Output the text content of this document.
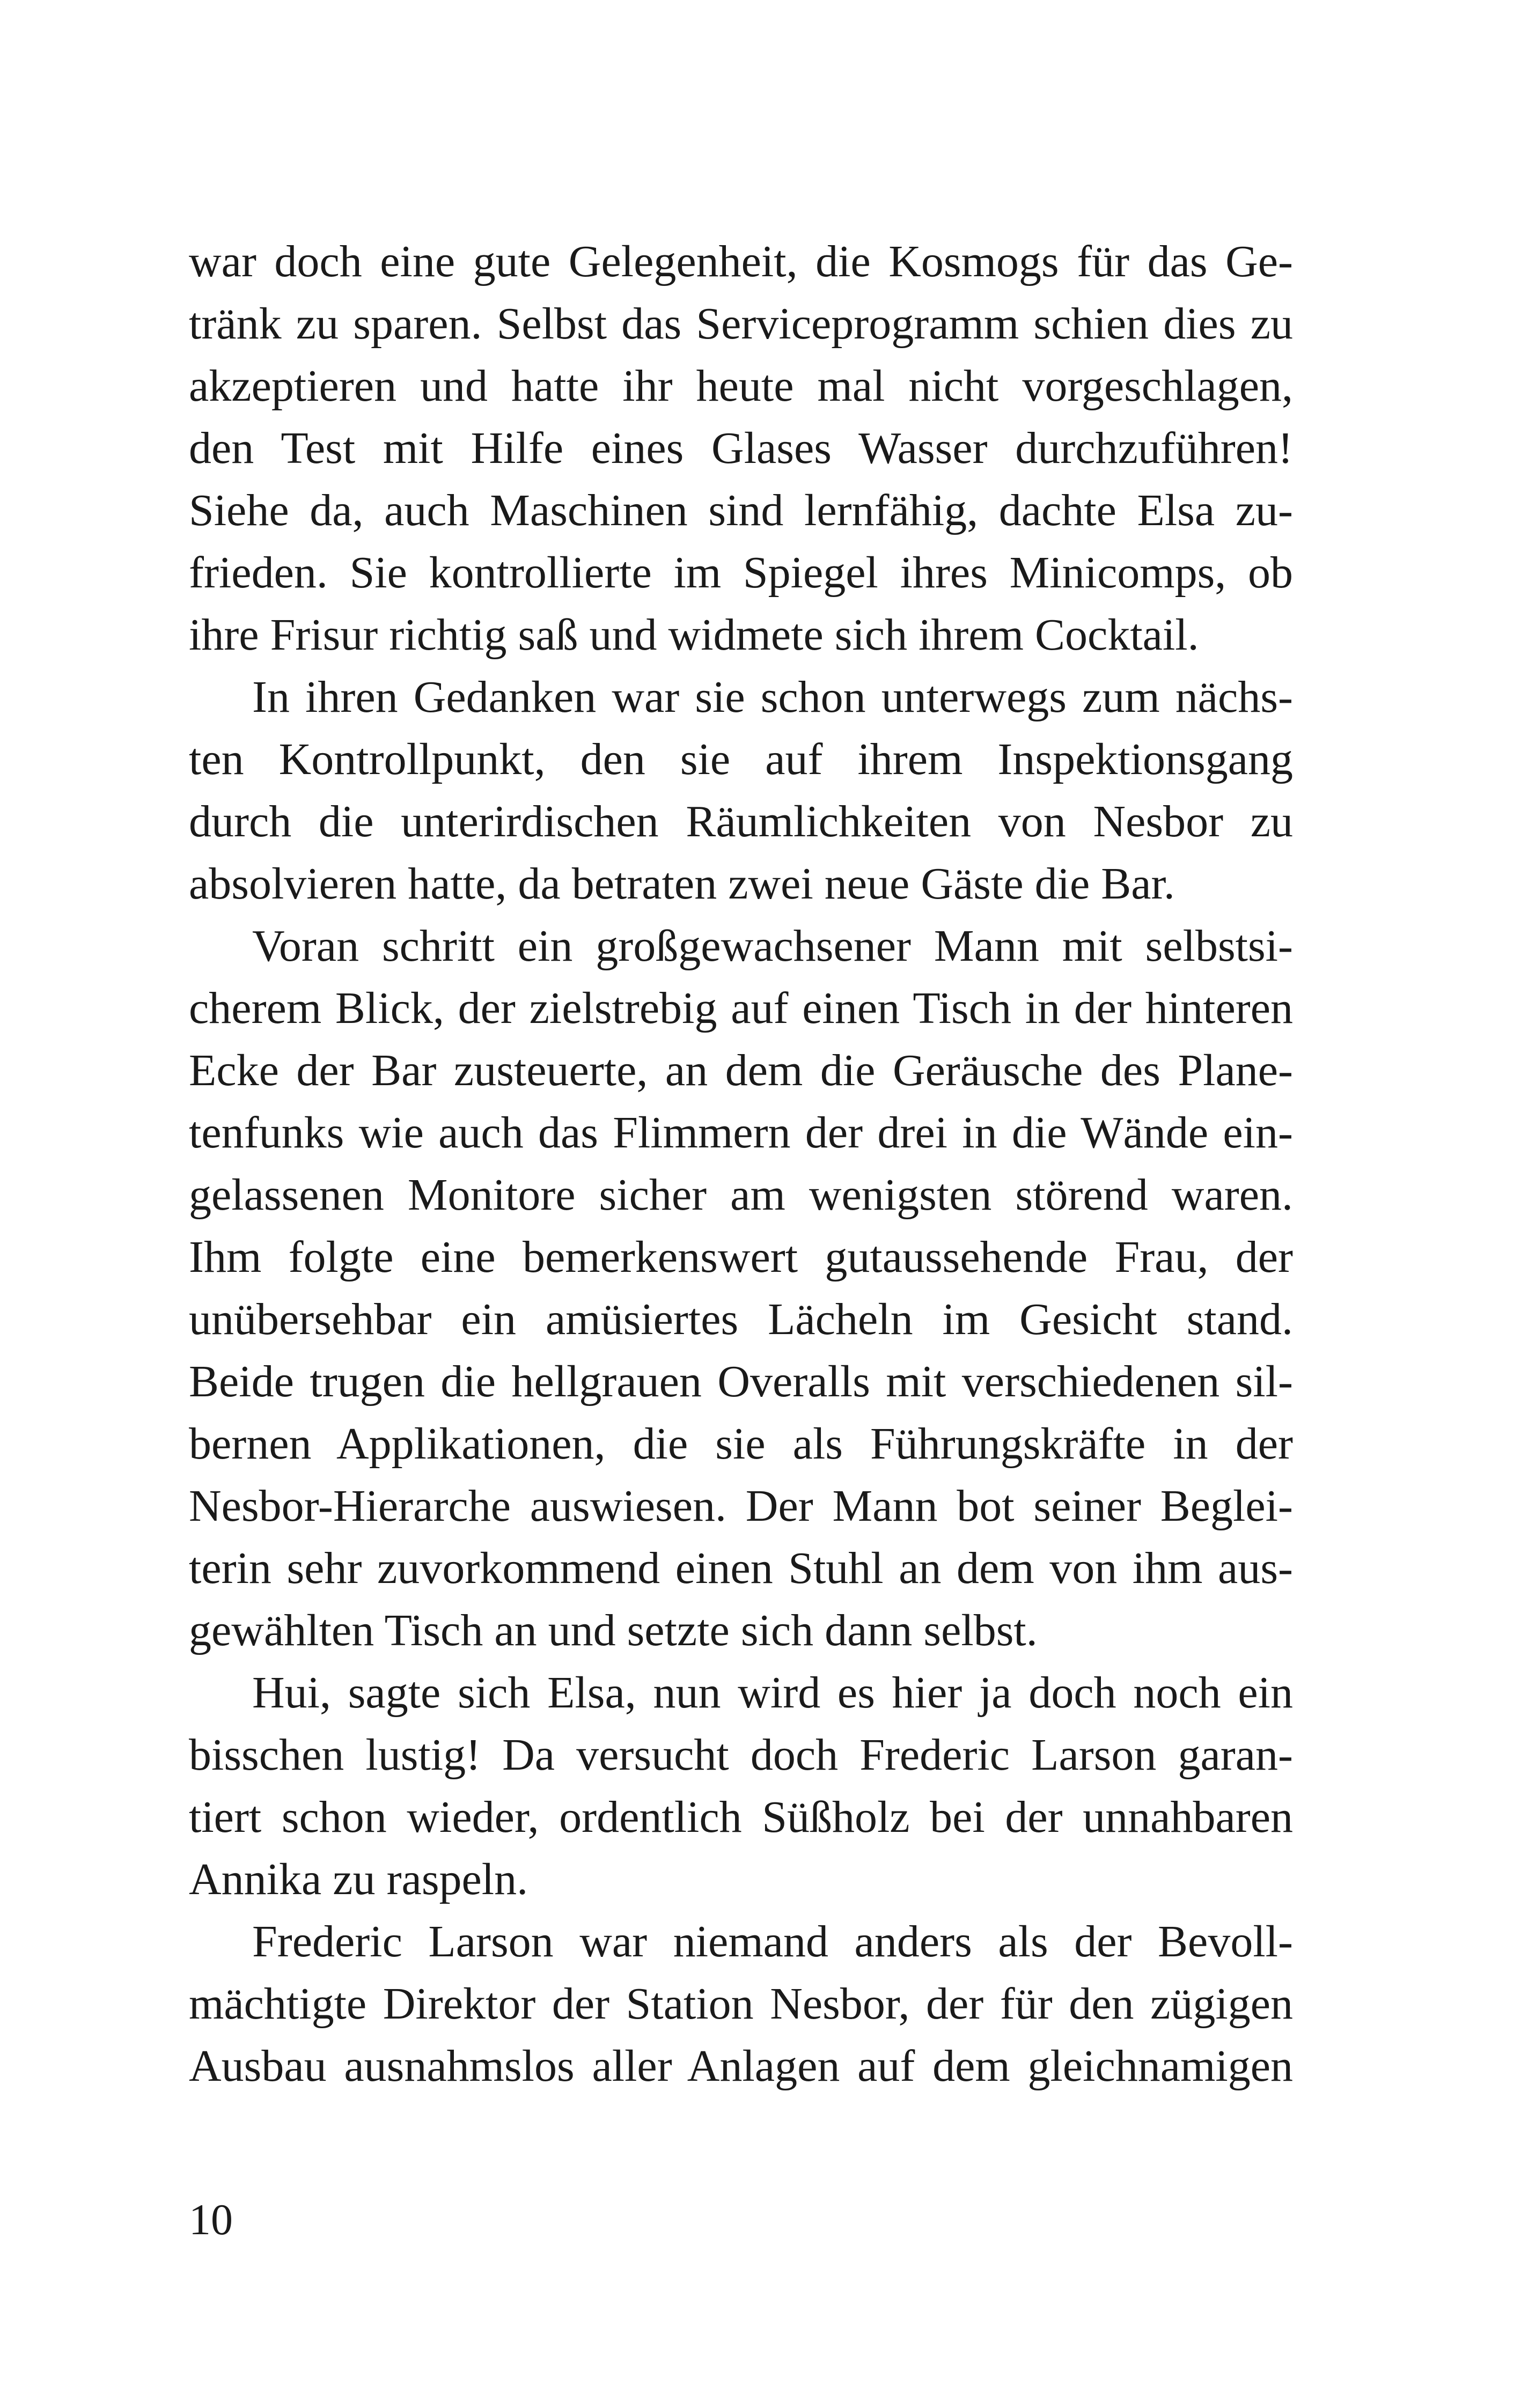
war doch eine gute Gelegenheit, die Kosmogs für das Ge-
tränk zu sparen. Selbst das Serviceprogramm schien dies zu
akzeptieren und hatte ihr heute mal nicht vorgeschlagen,
den Test mit Hilfe eines Glases Wasser durchzuführen!
Siehe da, auch Maschinen sind lernfähig, dachte Elsa zu-
frieden. Sie kontrollierte im Spiegel ihres Minicomps, ob
ihre Frisur richtig saß und widmete sich ihrem Cocktail.
In ihren Gedanken war sie schon unterwegs zum nächs-
ten Kontrollpunkt, den sie auf ihrem Inspektionsgang
durch die unterirdischen Räumlichkeiten von Nesbor zu
absolvieren hatte, da betraten zwei neue Gäste die Bar.
Voran schritt ein großgewachsener Mann mit selbstsi-
cherem Blick, der zielstrebig auf einen Tisch in der hinteren
Ecke der Bar zusteuerte, an dem die Geräusche des Plane-
tenfunks wie auch das Flimmern der drei in die Wände ein-
gelassenen Monitore sicher am wenigsten störend waren.
Ihm folgte eine bemerkenswert gutaussehende Frau, der
unübersehbar ein amüsiertes Lächeln im Gesicht stand.
Beide trugen die hellgrauen Overalls mit verschiedenen sil-
bernen Applikationen, die sie als Führungskräfte in der
Nesbor-Hierarche auswiesen. Der Mann bot seiner Beglei-
terin sehr zuvorkommend einen Stuhl an dem von ihm aus-
gewählten Tisch an und setzte sich dann selbst.
Hui, sagte sich Elsa, nun wird es hier ja doch noch ein
bisschen lustig! Da versucht doch Frederic Larson garan-
tiert schon wieder, ordentlich Süßholz bei der unnahbaren
Annika zu raspeln.
Frederic Larson war niemand anders als der Bevoll-
mächtigte Direktor der Station Nesbor, der für den zügigen
Ausbau ausnahmslos aller Anlagen auf dem gleichnamigen
10
